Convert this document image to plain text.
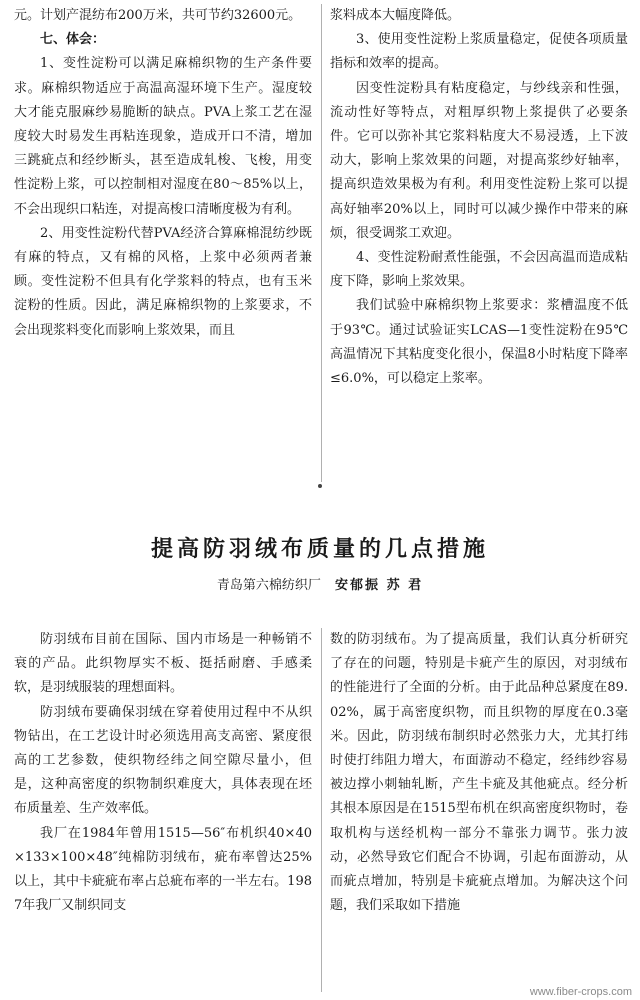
元。计划产混纺布200万米，共可节约32600元。

七、体会：

1、变性淀粉可以满足麻棉织物的生产条件要求。麻棉织物适应于高温高湿环境下生产。湿度较大才能克服麻纱易脆断的缺点。PVA上浆工艺在湿度较大时易发生再粘连现象，造成开口不清，增加三跳疵点和经纱断头，甚至造成轧梭、飞梭，用变性淀粉上浆，可以控制相对湿度在80～85%以上，不会出现织口粘连，对提高梭口清晰度极为有利。

2、用变性淀粉代替PVA经济合算麻棉混纺纱既有麻的特点，又有棉的风格，上浆中必须两者兼顾。变性淀粉不但具有化学浆料的特点，也有玉米淀粉的性质。因此，满足麻棉织物的上浆要求，不会出现浆料变化而影响上浆效果，而且

浆料成本大幅度降低。

3、使用变性淀粉上浆质量稳定，促使各项质量指标和效率的提高。

因变性淀粉具有粘度稳定，与纱线亲和性强，流动性好等特点，对粗厚织物上浆提供了必要条件。它可以弥补其它浆料粘度大不易浸透，上下波动大，影响上浆效果的问题，对提高浆纱好轴率，提高织造效果极为有利。利用变性淀粉上浆可以提高好轴率20%以上，同时可以减少操作中带来的麻烦，很受调浆工欢迎。

4、变性淀粉耐煮性能强，不会因高温而造成粘度下降，影响上浆效果。

我们试验中麻棉织物上浆要求：浆槽温度不低于93℃。通过试验证实LCAS—1变性淀粉在95℃高温情况下其粘度变化很小，保温8小时粘度下降率≤6.0%，可以稳定上浆率。

提高防羽绒布质量的几点措施
青岛第六棉纺织厂 安郁振 苏 君

防羽绒布目前在国际、国内市场是一种畅销不衰的产品。此织物厚实不板、挺括耐磨、手感柔软，是羽绒服装的理想面料。

防羽绒布要确保羽绒在穿着使用过程中不从织物钻出，在工艺设计时必须选用高支高密、紧度很高的工艺参数，使织物经纬之间空隙尽量小，但是，这种高密度的织物制织难度大，具体表现在坯布质量差、生产效率低。

我厂在1984年曾用1515—56″布机织40×40×133×100×48″纯棉防羽绒布，疵布率曾达25%以上，其中卡疵疵布率占总疵布率的一半左右。1987年我厂又制织同支

数的防羽绒布。为了提高质量，我们认真分析研究了存在的问题，特别是卡疵产生的原因，对羽绒布的性能进行了全面的分析。由于此品种总紧度在89.02%，属于高密度织物，而且织物的厚度在0.3毫米。因此，防羽绒布制织时必然张力大，尤其打纬时使打纬阻力增大，布面游动不稳定，经纬纱容易被边撑小刺轴轧断，产生卡疵及其他疵点。经分析其根本原因是在1515型布机在织高密度织物时，卷取机构与送经机构一部分不靠张力调节。张力波动，必然导致它们配合不协调，引起布面游动，从而疵点增加，特别是卡疵疵点增加。为解决这个问题，我们采取如下措施

www.fiber-crops.com
